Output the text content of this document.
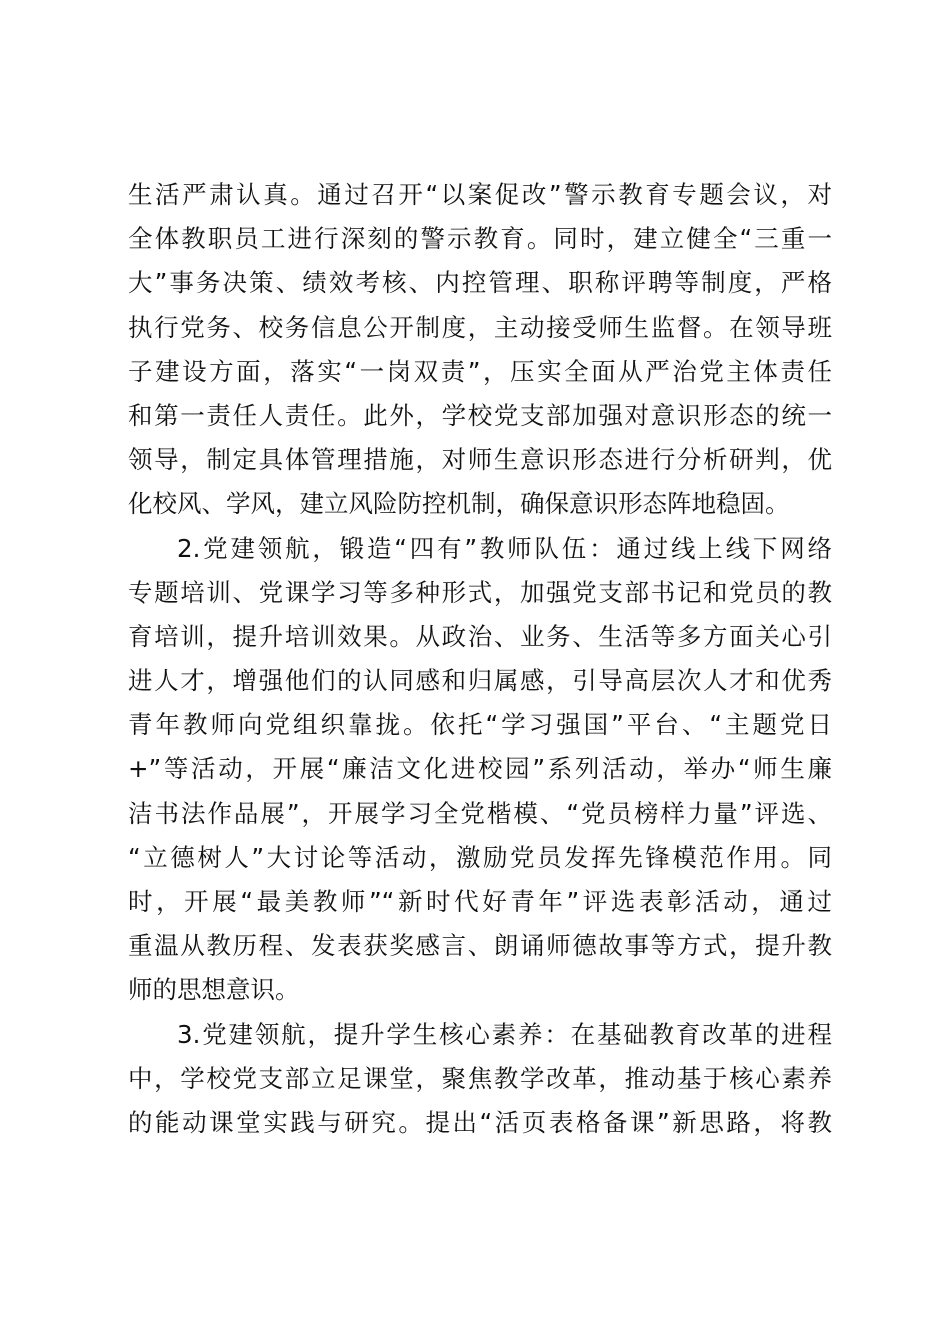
生活严肃认真。通过召开“以案促改”警示教育专题会议，对
全体教职员工进行深刻的警示教育。同时，建立健全“三重一
大”事务决策、绩效考核、内控管理、职称评聘等制度，严格
执行党务、校务信息公开制度，主动接受师生监督。在领导班
子建设方面，落实“一岗双责”，压实全面从严治党主体责任
和第一责任人责任。此外，学校党支部加强对意识形态的统一
领导，制定具体管理措施，对师生意识形态进行分析研判，优
化校风、学风，建立风险防控机制，确保意识形态阵地稳固。
2.党建领航，锻造“四有”教师队伍：通过线上线下网络
专题培训、党课学习等多种形式，加强党支部书记和党员的教
育培训，提升培训效果。从政治、业务、生活等多方面关心引
进人才，增强他们的认同感和归属感，引导高层次人才和优秀
青年教师向党组织靠拢。依托“学习强国”平台、“主题党日
+”等活动，开展“廉洁文化进校园”系列活动，举办“师生廉
洁书法作品展”，开展学习全党楷模、“党员榜样力量”评选、
“立德树人”大讨论等活动，激励党员发挥先锋模范作用。同
时，开展“最美教师”“新时代好青年”评选表彰活动，通过
重温从教历程、发表获奖感言、朗诵师德故事等方式，提升教
师的思想意识。
3.党建领航，提升学生核心素养：在基础教育改革的进程
中，学校党支部立足课堂，聚焦教学改革，推动基于核心素养
的能动课堂实践与研究。提出“活页表格备课”新思路，将教
